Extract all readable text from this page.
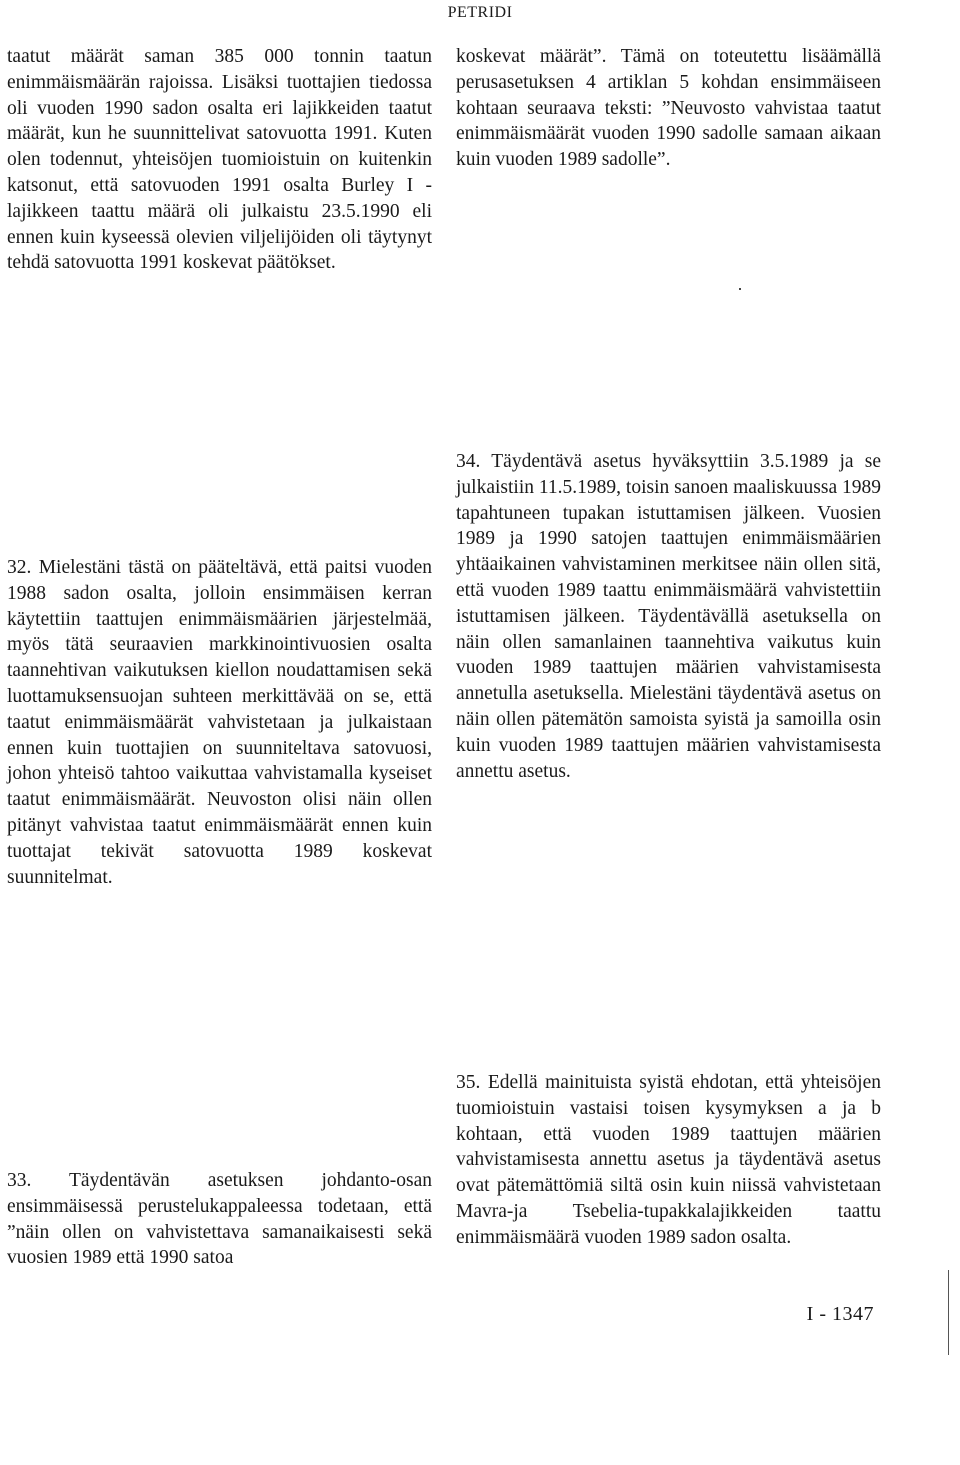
PETRIDI

taatut määrät saman 385 000 tonnin taatun enimmäismäärän rajoissa. Lisäksi tuottajien tiedossa oli vuoden 1990 sadon osalta eri lajikkeiden taatut määrät, kun he suunnittelivat satovuotta 1991. Kuten olen todennut, yhteisöjen tuomioistuin on kuitenkin katsonut, että satovuoden 1991 osalta Burley I -lajikkeen taattu määrä oli julkaistu 23.5.1990 eli ennen kuin kyseessä olevien viljelijöiden oli täytynyt tehdä satovuotta 1991 koskevat päätökset.

32. Mielestäni tästä on pääteltävä, että paitsi vuoden 1988 sadon osalta, jolloin ensimmäisen kerran käytettiin taattujen enimmäismäärien järjestelmää, myös tätä seuraavien markkinointivuosien osalta taannehtivan vaikutuksen kiellon noudattamisen sekä luottamuksensuojan suhteen merkittävää on se, että taatut enimmäismäärät vahvistetaan ja julkaistaan ennen kuin tuottajien on suunniteltava satovuosi, johon yhteisö tahtoo vaikuttaa vahvistamalla kyseiset taatut enimmäismäärät. Neuvoston olisi näin ollen pitänyt vahvistaa taatut enimmäismäärät ennen kuin tuottajat tekivät satovuotta 1989 koskevat suunnitelmat.

33. Täydentävän asetuksen johdanto-osan ensimmäisessä perustelukappaleessa todetaan, että ”näin ollen on vahvistettava samanaikaisesti sekä vuosien 1989 että 1990 satoa

koskevat määrät”. Tämä on toteutettu lisäämällä perusasetuksen 4 artiklan 5 kohdan ensimmäiseen kohtaan seuraava teksti: ”Neuvosto vahvistaa taatut enimmäismäärät vuoden 1990 sadolle samaan aikaan kuin vuoden 1989 sadolle”.

34. Täydentävä asetus hyväksyttiin 3.5.1989 ja se julkaistiin 11.5.1989, toisin sanoen maaliskuussa 1989 tapahtuneen tupakan istuttamisen jälkeen. Vuosien 1989 ja 1990 satojen taattujen enimmäismäärien yhtäaikainen vahvistaminen merkitsee näin ollen sitä, että vuoden 1989 taattu enimmäismäärä vahvistettiin istuttamisen jälkeen. Täydentävällä asetuksella on näin ollen samanlainen taannehtiva vaikutus kuin vuoden 1989 taattujen määrien vahvistamisesta annetulla asetuksella. Mielestäni täydentävä asetus on näin ollen pätemätön samoista syistä ja samoilla osin kuin vuoden 1989 taattujen määrien vahvistamisesta annettu asetus.

35. Edellä mainituista syistä ehdotan, että yhteisöjen tuomioistuin vastaisi toisen kysymyksen a ja b kohtaan, että vuoden 1989 taattujen määrien vahvistamisesta annettu asetus ja täydentävä asetus ovat pätemättömiä siltä osin kuin niissä vahvistetaan Mavra-ja Tsebelia-tupakkalajikkeiden taattu enimmäismäärä vuoden 1989 sadon osalta.

I - 1347
